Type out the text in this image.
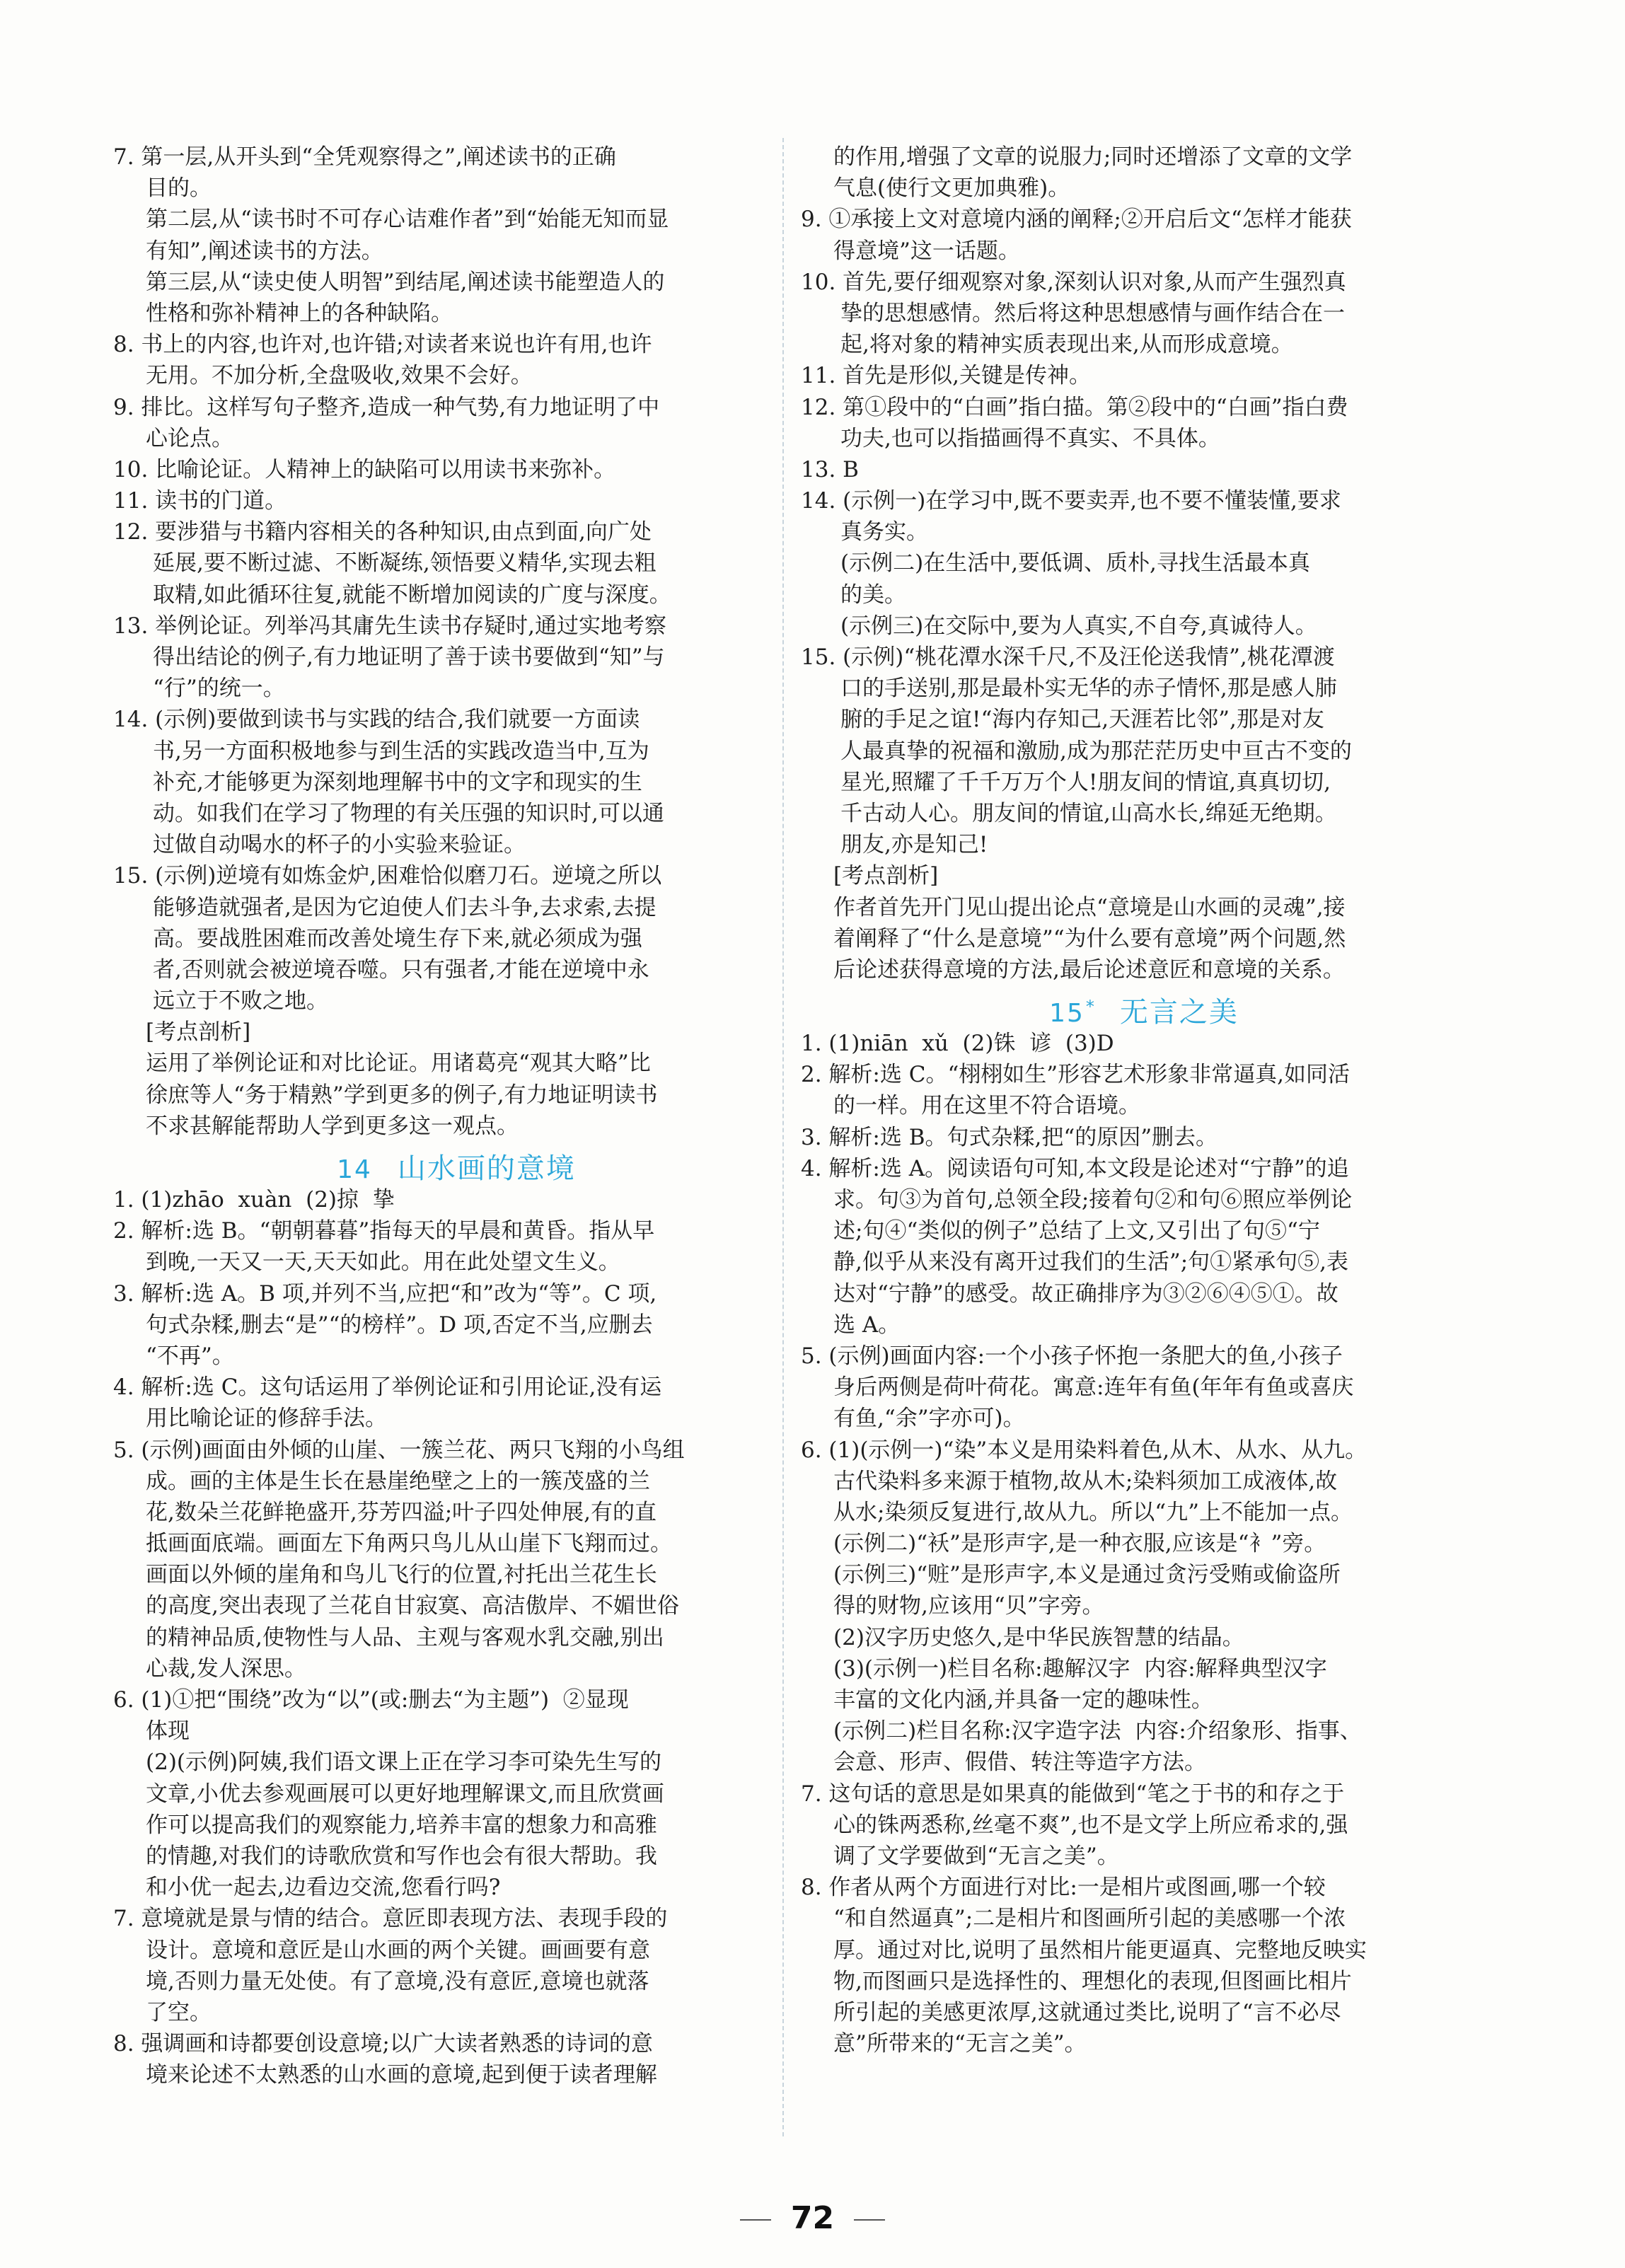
7. 第一层,从开头到“全凭观察得之”,阐述读书的正确
目的。
第二层,从“读书时不可存心诘难作者”到“始能无知而显
有知”,阐述读书的方法。
第三层,从“读史使人明智”到结尾,阐述读书能塑造人的
性格和弥补精神上的各种缺陷。
8. 书上的内容,也许对,也许错;对读者来说也许有用,也许
无用。不加分析,全盘吸收,效果不会好。
9. 排比。这样写句子整齐,造成一种气势,有力地证明了中
心论点。
10. 比喻论证。人精神上的缺陷可以用读书来弥补。
11. 读书的门道。
12. 要涉猎与书籍内容相关的各种知识,由点到面,向广处
延展,要不断过滤、不断凝练,领悟要义精华,实现去粗
取精,如此循环往复,就能不断增加阅读的广度与深度。
13. 举例论证。列举冯其庸先生读书存疑时,通过实地考察
得出结论的例子,有力地证明了善于读书要做到“知”与
“行”的统一。
14. (示例)要做到读书与实践的结合,我们就要一方面读
书,另一方面积极地参与到生活的实践改造当中,互为
补充,才能够更为深刻地理解书中的文字和现实的生
动。如我们在学习了物理的有关压强的知识时,可以通
过做自动喝水的杯子的小实验来验证。
15. (示例)逆境有如炼金炉,困难恰似磨刀石。逆境之所以
能够造就强者,是因为它迫使人们去斗争,去求索,去提
高。要战胜困难而改善处境生存下来,就必须成为强
者,否则就会被逆境吞噬。只有强者,才能在逆境中永
远立于不败之地。
[考点剖析]
运用了举例论证和对比论证。用诸葛亮“观其大略”比
徐庶等人“务于精熟”学到更多的例子,有力地证明读书
不求甚解能帮助人学到更多这一观点。
14 山水画的意境
1. (1)zhāo  xuàn  (2)掠  挚
2. 解析:选 B。“朝朝暮暮”指每天的早晨和黄昏。指从早
到晚,一天又一天,天天如此。用在此处望文生义。
3. 解析:选 A。B 项,并列不当,应把“和”改为“等”。C 项,
句式杂糅,删去“是”“的榜样”。D 项,否定不当,应删去
“不再”。
4. 解析:选 C。这句话运用了举例论证和引用论证,没有运
用比喻论证的修辞手法。
5. (示例)画面由外倾的山崖、一簇兰花、两只飞翔的小鸟组
成。画的主体是生长在悬崖绝壁之上的一簇茂盛的兰
花,数朵兰花鲜艳盛开,芬芳四溢;叶子四处伸展,有的直
抵画面底端。画面左下角两只鸟儿从山崖下飞翔而过。
画面以外倾的崖角和鸟儿飞行的位置,衬托出兰花生长
的高度,突出表现了兰花自甘寂寞、高洁傲岸、不媚世俗
的精神品质,使物性与人品、主观与客观水乳交融,别出
心裁,发人深思。
6. (1)①把“围绕”改为“以”(或:删去“为主题”)  ②显现
体现
(2)(示例)阿姨,我们语文课上正在学习李可染先生写的
文章,小优去参观画展可以更好地理解课文,而且欣赏画
作可以提高我们的观察能力,培养丰富的想象力和高雅
的情趣,对我们的诗歌欣赏和写作也会有很大帮助。我
和小优一起去,边看边交流,您看行吗?
7. 意境就是景与情的结合。意匠即表现方法、表现手段的
设计。意境和意匠是山水画的两个关键。画画要有意
境,否则力量无处使。有了意境,没有意匠,意境也就落
了空。
8. 强调画和诗都要创设意境;以广大读者熟悉的诗词的意
境来论述不太熟悉的山水画的意境,起到便于读者理解
的作用,增强了文章的说服力;同时还增添了文章的文学
气息(使行文更加典雅)。
9. ①承接上文对意境内涵的阐释;②开启后文“怎样才能获
得意境”这一话题。
10. 首先,要仔细观察对象,深刻认识对象,从而产生强烈真
挚的思想感情。然后将这种思想感情与画作结合在一
起,将对象的精神实质表现出来,从而形成意境。
11. 首先是形似,关键是传神。
12. 第①段中的“白画”指白描。第②段中的“白画”指白费
功夫,也可以指描画得不真实、不具体。
13. B
14. (示例一)在学习中,既不要卖弄,也不要不懂装懂,要求
真务实。
(示例二)在生活中,要低调、质朴,寻找生活最本真
的美。
(示例三)在交际中,要为人真实,不自夸,真诚待人。
15. (示例)“桃花潭水深千尺,不及汪伦送我情”,桃花潭渡
口的手送别,那是最朴实无华的赤子情怀,那是感人肺
腑的手足之谊!“海内存知己,天涯若比邻”,那是对友
人最真挚的祝福和激励,成为那茫茫历史中亘古不变的
星光,照耀了千千万万个人!朋友间的情谊,真真切切,
千古动人心。朋友间的情谊,山高水长,绵延无绝期。
朋友,亦是知己!
[考点剖析]
作者首先开门见山提出论点“意境是山水画的灵魂”,接
着阐释了“什么是意境”“为什么要有意境”两个问题,然
后论述获得意境的方法,最后论述意匠和意境的关系。
15* 无言之美
1. (1)niān  xǔ  (2)铢  谚  (3)D
2. 解析:选 C。“栩栩如生”形容艺术形象非常逼真,如同活
的一样。用在这里不符合语境。
3. 解析:选 B。句式杂糅,把“的原因”删去。
4. 解析:选 A。阅读语句可知,本文段是论述对“宁静”的追
求。句③为首句,总领全段;接着句②和句⑥照应举例论
述;句④“类似的例子”总结了上文,又引出了句⑤“宁
静,似乎从来没有离开过我们的生活”;句①紧承句⑤,表
达对“宁静”的感受。故正确排序为③②⑥④⑤①。故
选 A。
5. (示例)画面内容:一个小孩子怀抱一条肥大的鱼,小孩子
身后两侧是荷叶荷花。寓意:连年有鱼(年年有鱼或喜庆
有鱼,“余”字亦可)。
6. (1)(示例一)“染”本义是用染料着色,从木、从水、从九。
古代染料多来源于植物,故从木;染料须加工成液体,故
从水;染须反复进行,故从九。所以“九”上不能加一点。
(示例二)“袄”是形声字,是一种衣服,应该是“衤”旁。
(示例三)“赃”是形声字,本义是通过贪污受贿或偷盗所
得的财物,应该用“贝”字旁。
(2)汉字历史悠久,是中华民族智慧的结晶。
(3)(示例一)栏目名称:趣解汉字  内容:解释典型汉字
丰富的文化内涵,并具备一定的趣味性。
(示例二)栏目名称:汉字造字法  内容:介绍象形、指事、
会意、形声、假借、转注等造字方法。
7. 这句话的意思是如果真的能做到“笔之于书的和存之于
心的铢两悉称,丝毫不爽”,也不是文学上所应希求的,强
调了文学要做到“无言之美”。
8. 作者从两个方面进行对比:一是相片或图画,哪一个较
“和自然逼真”;二是相片和图画所引起的美感哪一个浓
厚。通过对比,说明了虽然相片能更逼真、完整地反映实
物,而图画只是选择性的、理想化的表现,但图画比相片
所引起的美感更浓厚,这就通过类比,说明了“言不必尽
意”所带来的“无言之美”。
72
